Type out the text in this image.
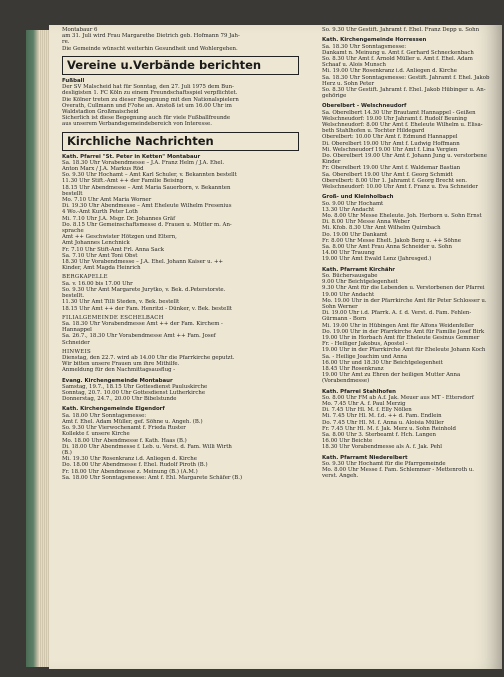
Montabaur 6
am 31. Juli wird Frau Margarethe Dietrich geb. Hofmann 79 Jah-
re.
Die Gemeinde wünscht weiterhin Gesundheit und Wohlergehen.
Vereine u.Verbände berichten
Fußball
Der SV Malscheid hat für Sonntag, den 27. Juli 1975 dem Bun-
desligisten 1. FC Köln zu einem Freundschaftsspiel verpflichtet.
Die Kölner treten zu dieser Begegnung mit den Nationalspielern
Overath, Cullmann und F?ohe an. Anstoß ist um 16.00 Uhr im
Waldstadion Großmaischeid
Sicherlich ist diese Begegnung auch für viele Fußballfreunde
aus unserem Verbandsgemeindebereich von Interesse.
Kirchliche Nachrichten
Kath. Pfarrei "St. Peter in Ketten" Montabaur
Sa. 18.30 Uhr Vorabendmesse – J.A. Franz Helm / J.A. Ehel.
Anton Marx / J.A. Markus Röd
So. 9.30 Uhr Hochamt – Amt Karl Schuler, v. Bekannten bestellt
11.30 Uhr Stift.-Amt ++ der Familie Beising
18.15 Uhr Abendmesse – Amt Maria Sauerborn, v. Bekannten
bestellt
Mo. 7.10 Uhr Amt Maria Worner
Di. 19.30 Uhr Abendmesse – Amt Eheleute Wilhelm Fresenius
4 Wo.-Amt Kurth Peter Loth
Mi. 7.10 Uhr J.A. Msgr. Dr. Johannes Gräf
Do. 8.15 Uhr Gemeinschaftsmesse d. Frauen u. Mütter m. An-
sprache
Amt ++ Geschwister Hötzgen und Eltern,
Amt Johannes Lenchnick
Fr. 7.10 Uhr Stift-Amt Frl. Anna Sack
Sa. 7.10 Uhr Amt Toni Obst
18.30 Uhr Vorabendmesse – J.A. Ehel. Johann Kaiser u. ++
Kinder, Amt Magda Heinrich
BERGKAPELLE
Sa. v. 16.00 bis 17.00 Uhr
So. 9.30 Uhr Amt Margarete Jurytko, v. Bek. d.Peterstorste.
bestellt.
11.30 Uhr Amt Tilli Steden, v. Bek. bestellt
18.15 Uhr Amt ++ der Fam. Henritzi - Dünker, v. Bek. bestellt
FILIALGEMEINDE ESCHELBACH
Sa. 18.30 Uhr Vorabendmesse Amt ++ der Fam. Kirchem -
Hannappel
Sa. 26.7., 18.30 Uhr Vorabendmesse Amt ++ Fam. Josef
Schneider
HINWEIS
Dienstag, den 22.7. wird ab 14.00 Uhr die Pfarrkirche geputzt.
Wir bitten unsere Frauen um ihre Mithilfe.
Anmeldung für den Nachmittagsausflug -
Evang. Kirchengemeinde Montabaur
Samstag, 19.7., 18.15 Uhr Gottesdienst Pauluskirche
Sonntag, 20.7. 10.00 Uhr Gottesdienst Lutherkirche
Donnerstag, 24.7., 20.00 Uhr Bibelstunde
Kath. Kirchengemeinde Elgendorf
Sa. 18.00 Uhr Sonntagsmesse:
Amt f. Ehel. Adam Müller, gef. Söhne u. Angeh. (B.)
So. 9.30 Uhr Vierwochenamt f. Frieda Ruster
Kollekte f. unsere Kirche
Mo. 18.00 Uhr Abendmesse f. Kath. Haas (B.)
Di. 18.00 Uhr Abendmesse f. Leb. u. Verst. d. Fam. Willi Wirth
(B.)
Mi. 19.30 Uhr Rosenkranz i.d. Anliegen d. Kirche
Do. 18.00 Uhr Abendmesse f. Ehel. Rudolf Piroth (B.)
Fr. 18.00 Uhr Abendmesse z. Meinung (B.) (A.M.)
Sa. 18.00 Uhr Sonntagsmesse: Amt f. Ehl. Margarete Schäfer (B.)
So. 9.30 Uhr Gestift. Jahramt f. Ehel. Franz Depp u. Sohn
Kath. Kirchengemeinde Horressen
Sa. 18.30 Uhr Sonntagsmesse:
Dankamt n. Meinung u. Amt f. Gerhard Schneckenbach
So. 8.30 Uhr Amt f. Arnold Müller u. Amt f. Ehel. Adam
Schaaf u. Alois Munsch
Mi. 19.00 Uhr Rosenkranz i.d. Anliegen d. Kirche
Sa. 18.30 Uhr Sonntagsmesse: Gestift. Jahramt f. Ehel. Jakob
Herz u. Sohn Peter
So. 8.30 Uhr Gestift. Jahramt f. Ehel. Jakob Hübinger u. An-
gehörige
Oberelbert - Welschneudorf
Sa. Oberelbert 14.30 Uhr Brautamt Hannappel - Geißen
Welschneudorf: 19.00 Uhr Jahramt f. Rudolf Beuning
Welschneudorf: 8.00 Uhr Amt f. Eheleute Wilhelm u. Elisa-
beth Stahlhofen u. Tochter Hildegard
Oberelbert: 10.00 Uhr Amt f. Edmund Hannappel
Di. Oberelbert 19.00 Uhr Amt f. Ludwig Hoffmann
Mi. Welschneudorf 19.00 Uhr Amt f. Lina Vergien
Do. Oberelbert 19.00 Uhr Amt f. Johann Jung u. verstorbene
Kinder
Fr. Oberelbert 19.00 Uhr Amt f. Waldemar Bastian
Sa. Oberelbert 19.00 Uhr Amt f. Georg Schmidt
Oberelbert: 8.00 Uhr 1. Jahramt f. Georg Brecht sen.
Welschneudorf: 10.00 Uhr Amt f. Franz u. Eva Schneider
Groß- und Kleinholbach
So. 9.00 Uhr Hochamt
13.30 Uhr Andacht
Mo. 8.00 Uhr Messe Eheleute. Joh. Herborn u. Sohn Ernst
Di. 8.00 Uhr Messe Anna Weber
Mi. Kfob. 8.30 Uhr Amt Wilhelm Quirnbach
Do. 19.00 Uhr Dankamt
Fr. 8.00 Uhr Messe Ehelt. Jakob Berg u. ++ Söhne
Sa. 8.00 Uhr Amt Frau Anna Schneider u. Sohn
14.00 Uhr Trauung
19.00 Uhr Amt Ewald Lenz (Jahresged.)
Kath. Pfarramt Kirchähr
So. Büchersausgabe
9.00 Uhr Beichtgelegenheit
9.30 Uhr Amt für die Lebenden u. Verstorbenen der Pfarrei
19.00 Uhr Andacht
Mo. 19.00 Uhr in der Pfarrkirche Amt für Peter Schlosser u.
Sohn Werner
Di. 19.00 Uhr i.d. Pfarrk. A. f. d. Verst. d. Fam. Fehlen-
Gürmann - Born
Mi. 19.00 Uhr in Hübingen Amt für Alfons Weidenfeller
Do. 19.00 Uhr in der Pfarrkirche Amt für Familie Josef Birk
19.00 Uhr in Horbach Amt für Eheleute Gesinus Gemmer
Fr. - Heiliger Jakobus, Apostel -
19.00 Uhr in der Pfarrkirche Amt für Eheleute Johann Koch
Sa. - Heilige Joachim und Anna
16.00 Uhr und 18.30 Uhr Beichtgelegenheit
18.45 Uhr Rosenkranz
19.00 Uhr Amt zu Ehren der heiligen Mutter Anna
(Vorabendmesse)
Kath. Pfarrei Stahlhofen
So. 8.00 Uhr FM ab A.f. Jak. Meuer aus MT - Ettersdorf
Mo. 7.45 Uhr A. f. Paul Merzig
Di. 7.45 Uhr Hl. M. f. Elly Nöllen
Mi. 7.45 Uhr Hl. M. f.d. ++ d. Fam. Endlein
Do. 7.45 Uhr Hl. M. f. Anna u. Aloisia Müller
Fr. 7.45 Uhr Hl. M. f. Jak. Merz u. Sohn Reinhold
Sa. 8.00 Uhr 3. Sterbeamt f. Hch. Langen
16.00 Uhr Beichte
18.30 Uhr Vorabendmesse als A. f. Jak. Pehl
Kath. Pfarramt Niederelbert
So. 9.30 Uhr Hochamt für die Pfarrgemeinde
Mo. 8.00 Uhr Messe f. Fam. Schlemmer - Mettenroth u.
verst. Angeh.
